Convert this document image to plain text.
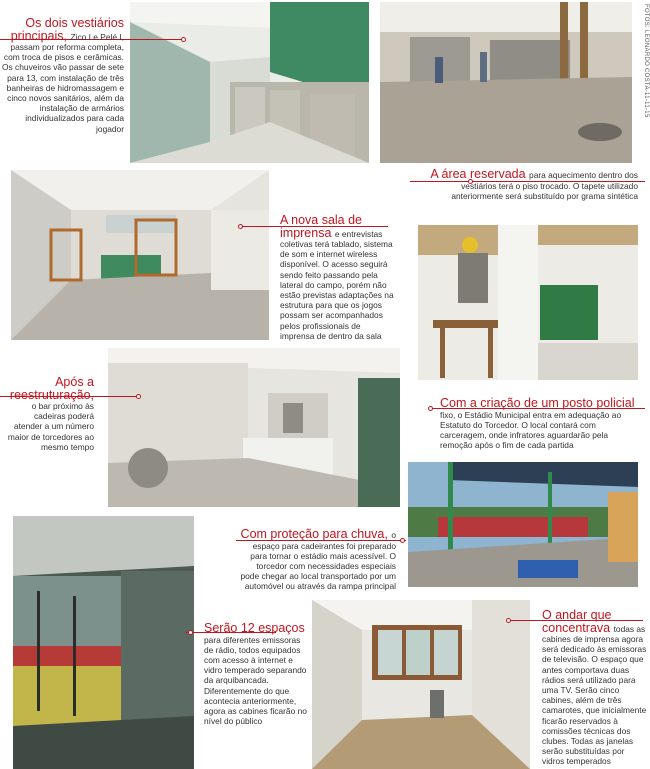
FOTOS: LEONARDO COSTA-11-11-15
Os dois vestiários principais, Zico I e Pelé I, passam por reforma completa, com troca de pisos e cerâmicas. Os chuveiros vão passar de sete para 13, com instalação de três banheiras de hidromassagem e cinco novos sanitários, além da instalação de armários individualizados para cada jogador
A área reservada para aquecimento dentro dos vestiários terá o piso trocado. O tapete utilizado anteriormente será substituído por grama sintética
A nova sala de imprensa e entrevistas coletivas terá tablado, sistema de som e internet wireless disponível. O acesso seguirá sendo feito passando pela lateral do campo, porém não estão previstas adaptações na estrutura para que os jogos possam ser acompanhados pelos profissionais de imprensa de dentro da sala
Após a reestruturação, o bar próximo às cadeiras poderá atender a um número maior de torcedores ao mesmo tempo
Com a criação de um posto policial fixo, o Estádio Municipal entra em adequação ao Estatuto do Torcedor. O local contará com carceragem, onde infratores aguardarão pela remoção após o fim de cada partida
Com proteção para chuva, o espaço para cadeirantes foi preparado para tornar o estádio mais acessível. O torcedor com necessidades especiais pode chegar ao local transportado por um automóvel ou através da rampa principal
Serão 12 espaços para diferentes emissoras de rádio, todos equipados com acesso à internet e vidro temperado separando da arquibancada. Diferentemente do que acontecia anteriormente, agora as cabines ficarão no nível do público
O andar que concentrava todas as cabines de imprensa agora será dedicado às emissoras de televisão. O espaço que antes comportava duas rádios será utilizado para uma TV. Serão cinco cabines, além de três camarotes, que inicialmente ficarão reservados à comissões técnicas dos clubes. Todas as janelas serão substituídas por vidros temperados
